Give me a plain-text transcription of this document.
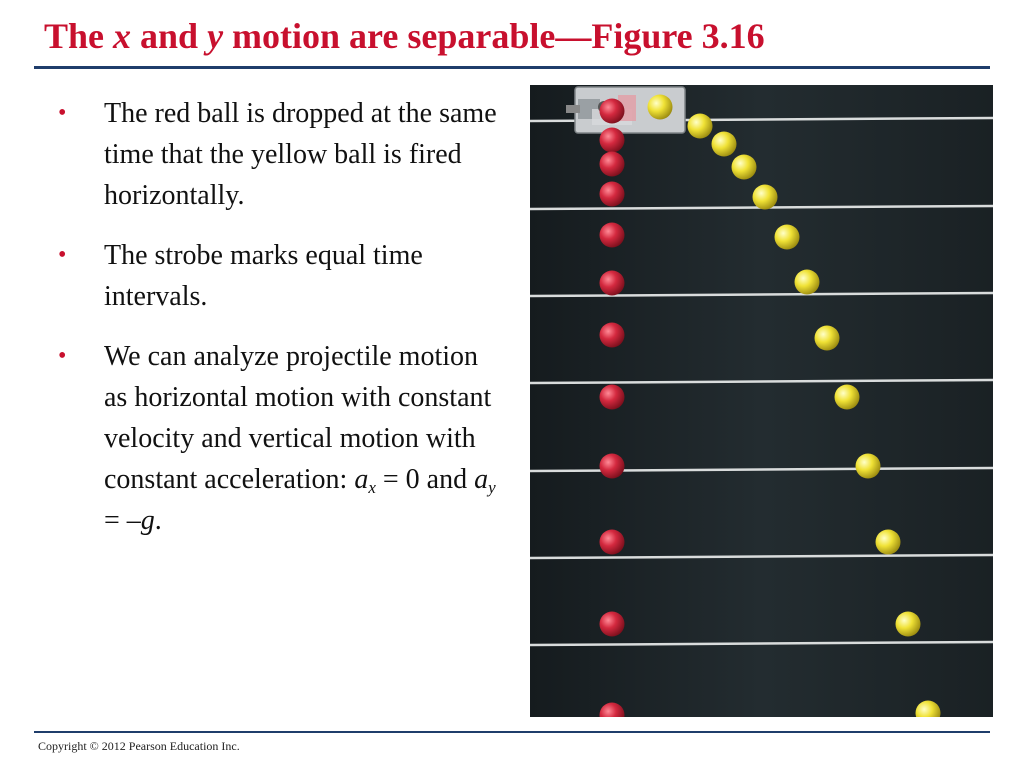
The x and y motion are separable—Figure 3.16
• The red ball is dropped at the same time that the yellow ball is fired horizontally.
• The strobe marks equal time intervals.
• We can analyze projectile motion as horizontal motion with constant velocity and vertical motion with constant acceleration: $a_x = 0$ and $a_y = -g$.
Copyright © 2012 Pearson Education Inc.
